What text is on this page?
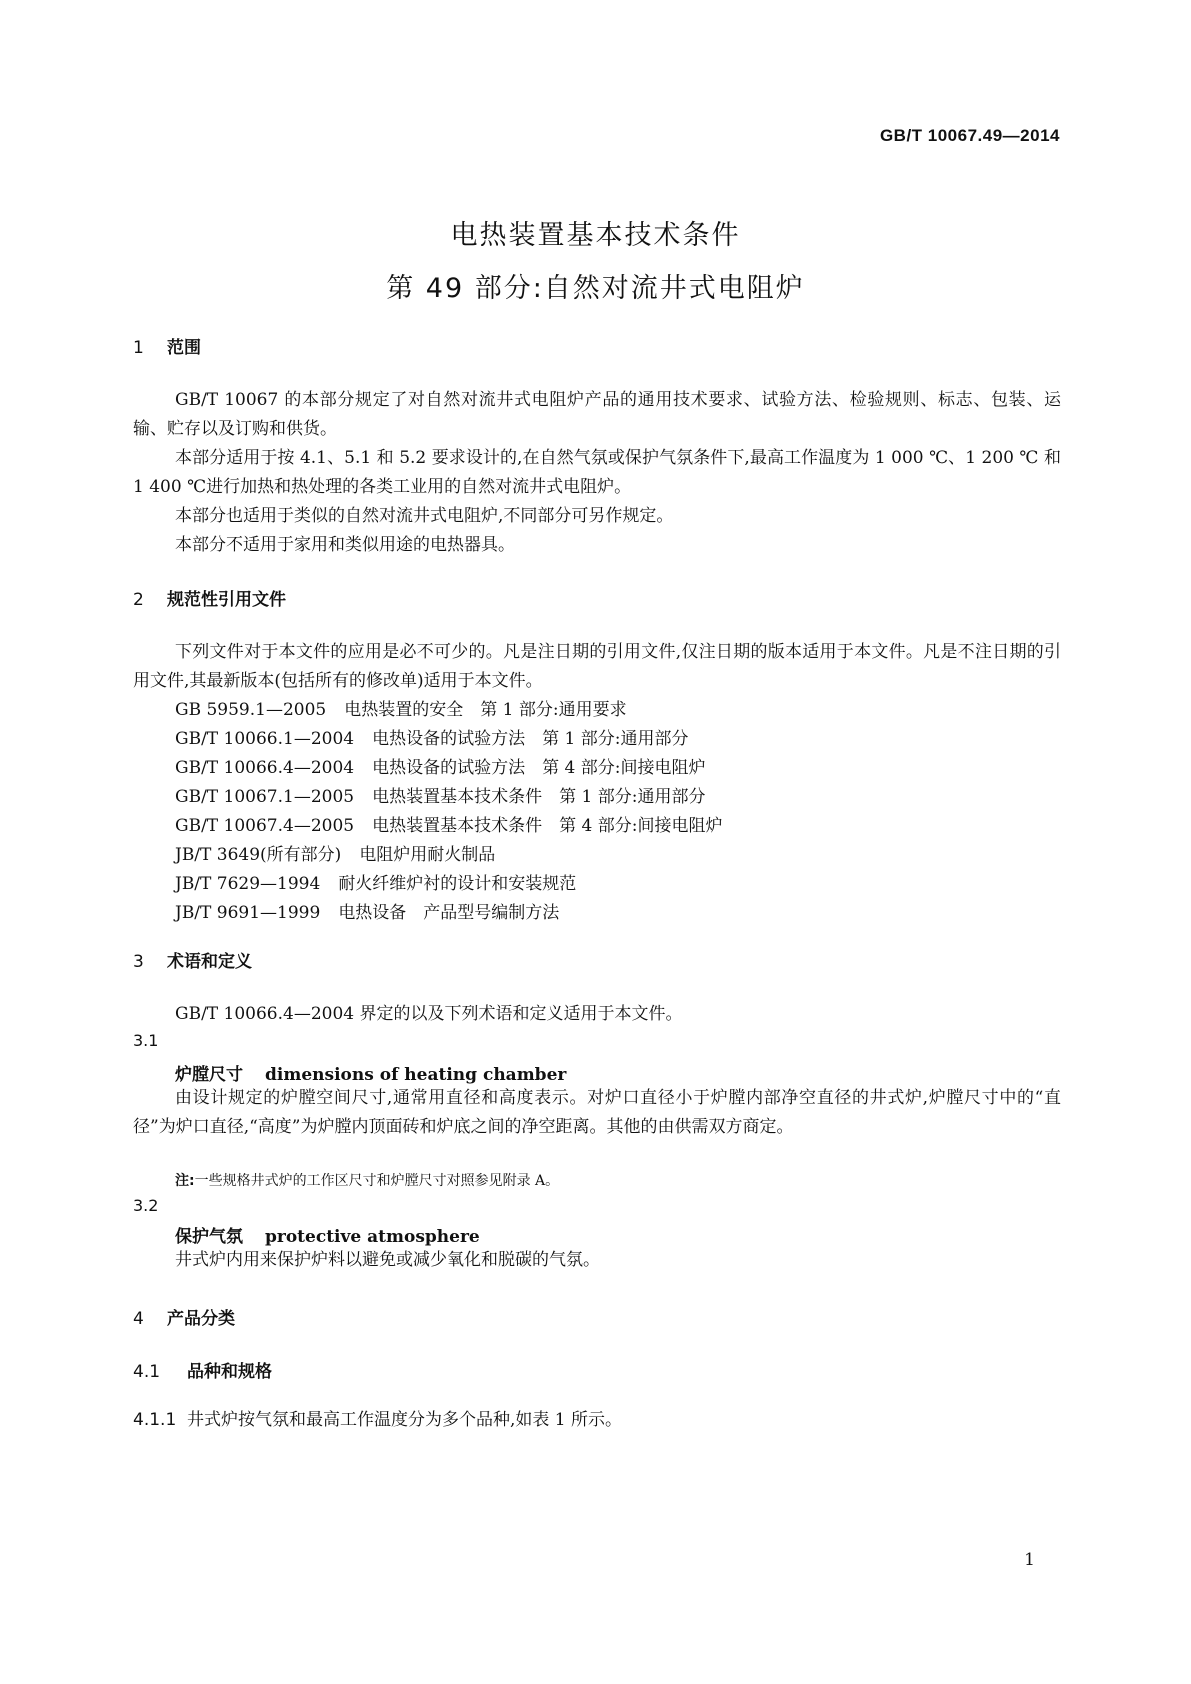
GB/T 10067.49—2014
电热装置基本技术条件
第 49 部分:自然对流井式电阻炉
1 范围

GB/T 10067 的本部分规定了对自然对流井式电阻炉产品的通用技术要求、试验方法、检验规则、标志、包装、运输、贮存以及订购和供货。

本部分适用于按 4.1、5.1 和 5.2 要求设计的,在自然气氛或保护气氛条件下,最高工作温度为 1 000 ℃、1 200 ℃ 和 1 400 ℃进行加热和热处理的各类工业用的自然对流井式电阻炉。

本部分也适用于类似的自然对流井式电阻炉,不同部分可另作规定。

本部分不适用于家用和类似用途的电热器具。

2 规范性引用文件

下列文件对于本文件的应用是必不可少的。凡是注日期的引用文件,仅注日期的版本适用于本文件。凡是不注日期的引用文件,其最新版本(包括所有的修改单)适用于本文件。

GB 5959.1—2005 电热装置的安全　第 1 部分:通用要求
GB/T 10066.1—2004 电热设备的试验方法　第 1 部分:通用部分
GB/T 10066.4—2004 电热设备的试验方法　第 4 部分:间接电阻炉
GB/T 10067.1—2005 电热装置基本技术条件　第 1 部分:通用部分
GB/T 10067.4—2005 电热装置基本技术条件　第 4 部分:间接电阻炉
JB/T 3649(所有部分) 电阻炉用耐火制品
JB/T 7629—1994 耐火纤维炉衬的设计和安装规范
JB/T 9691—1999 电热设备　产品型号编制方法
3 术语和定义

GB/T 10066.4—2004 界定的以及下列术语和定义适用于本文件。

3.1
炉膛尺寸 dimensions of heating chamber

由设计规定的炉膛空间尺寸,通常用直径和高度表示。对炉口直径小于炉膛内部净空直径的井式炉,炉膛尺寸中的“直径”为炉口直径,“高度”为炉膛内顶面砖和炉底之间的净空距离。其他的由供需双方商定。

注:一些规格井式炉的工作区尺寸和炉膛尺寸对照参见附录 A。
3.2
保护气氛 protective atmosphere

井式炉内用来保护炉料以避免或减少氧化和脱碳的气氛。

4 产品分类
4.1 品种和规格
4.1.1 井式炉按气氛和最高工作温度分为多个品种,如表 1 所示。
1
